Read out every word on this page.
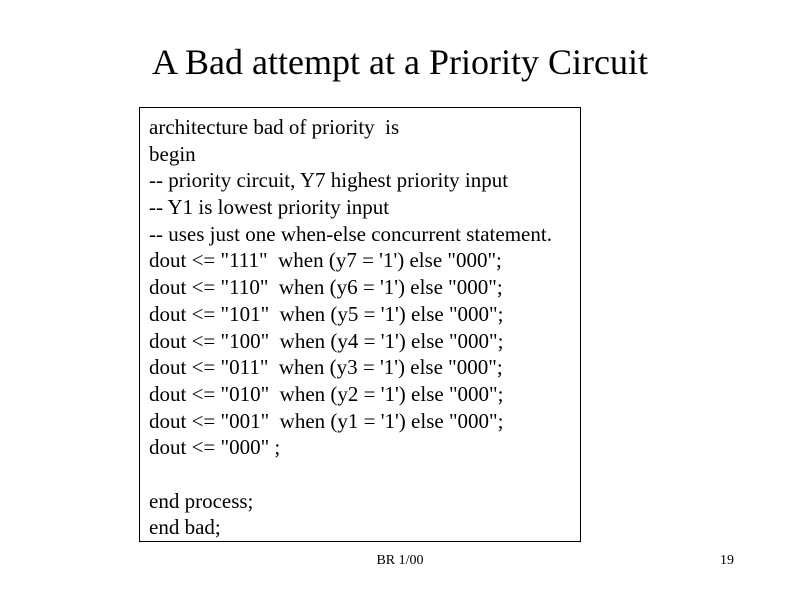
A Bad attempt at a Priority Circuit
architecture bad of priority  is
begin
-- priority circuit, Y7 highest priority input
-- Y1 is lowest priority input
-- uses just one when-else concurrent statement.
dout <= "111"  when (y7 = '1') else "000";
dout <= "110"  when (y6 = '1') else "000";
dout <= "101"  when (y5 = '1') else "000";
dout <= "100"  when (y4 = '1') else "000";
dout <= "011"  when (y3 = '1') else "000";
dout <= "010"  when (y2 = '1') else "000";
dout <= "001"  when (y1 = '1') else "000";
dout <= "000" ;
end process;
end bad;
BR 1/00	19
